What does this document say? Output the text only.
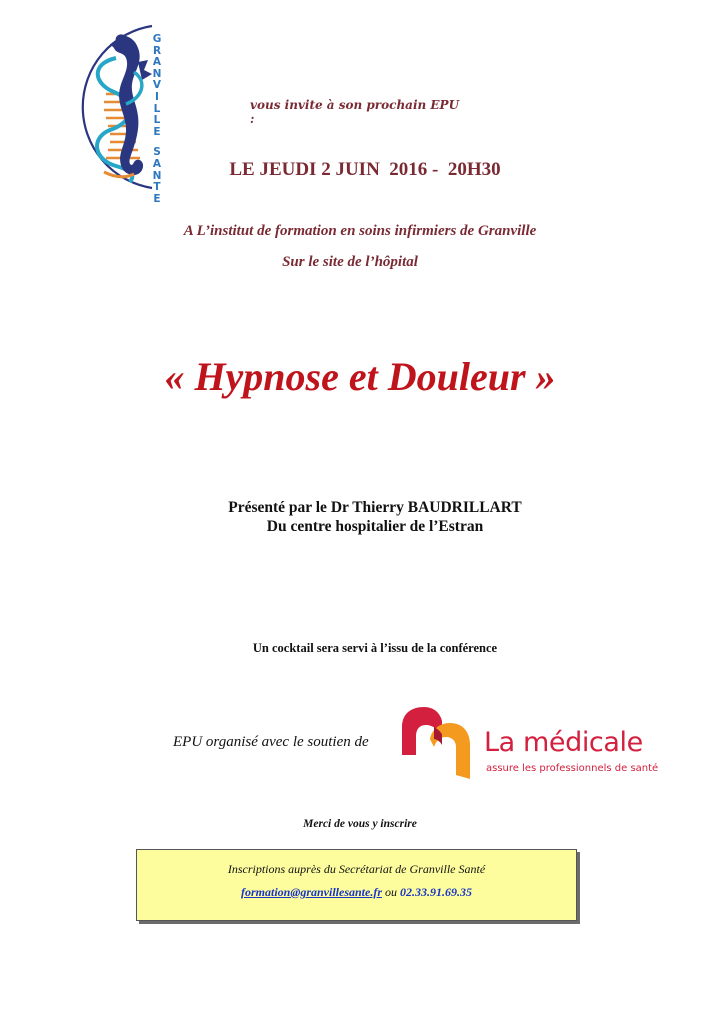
G
R
A
N
V
I
L
L
E
S
A
N
T
E
vous invite à son prochain EPU :
LE JEUDI 2 JUIN  2016 -  20H30
A L’institut de formation en soins infirmiers de Granville
Sur le site de l’hôpital
« Hypnose et Douleur »
Présenté par le Dr Thierry BAUDRILLART
Du centre hospitalier de l’Estran
Un cocktail sera servi à l’issu de la conférence
EPU organisé avec le soutien de	La médicale
assure les professionnels de santé
Merci de vous y inscrire
Inscriptions auprès du Secrétariat de Granville Santé
formation@granvillesante.fr ou 02.33.91.69.35
